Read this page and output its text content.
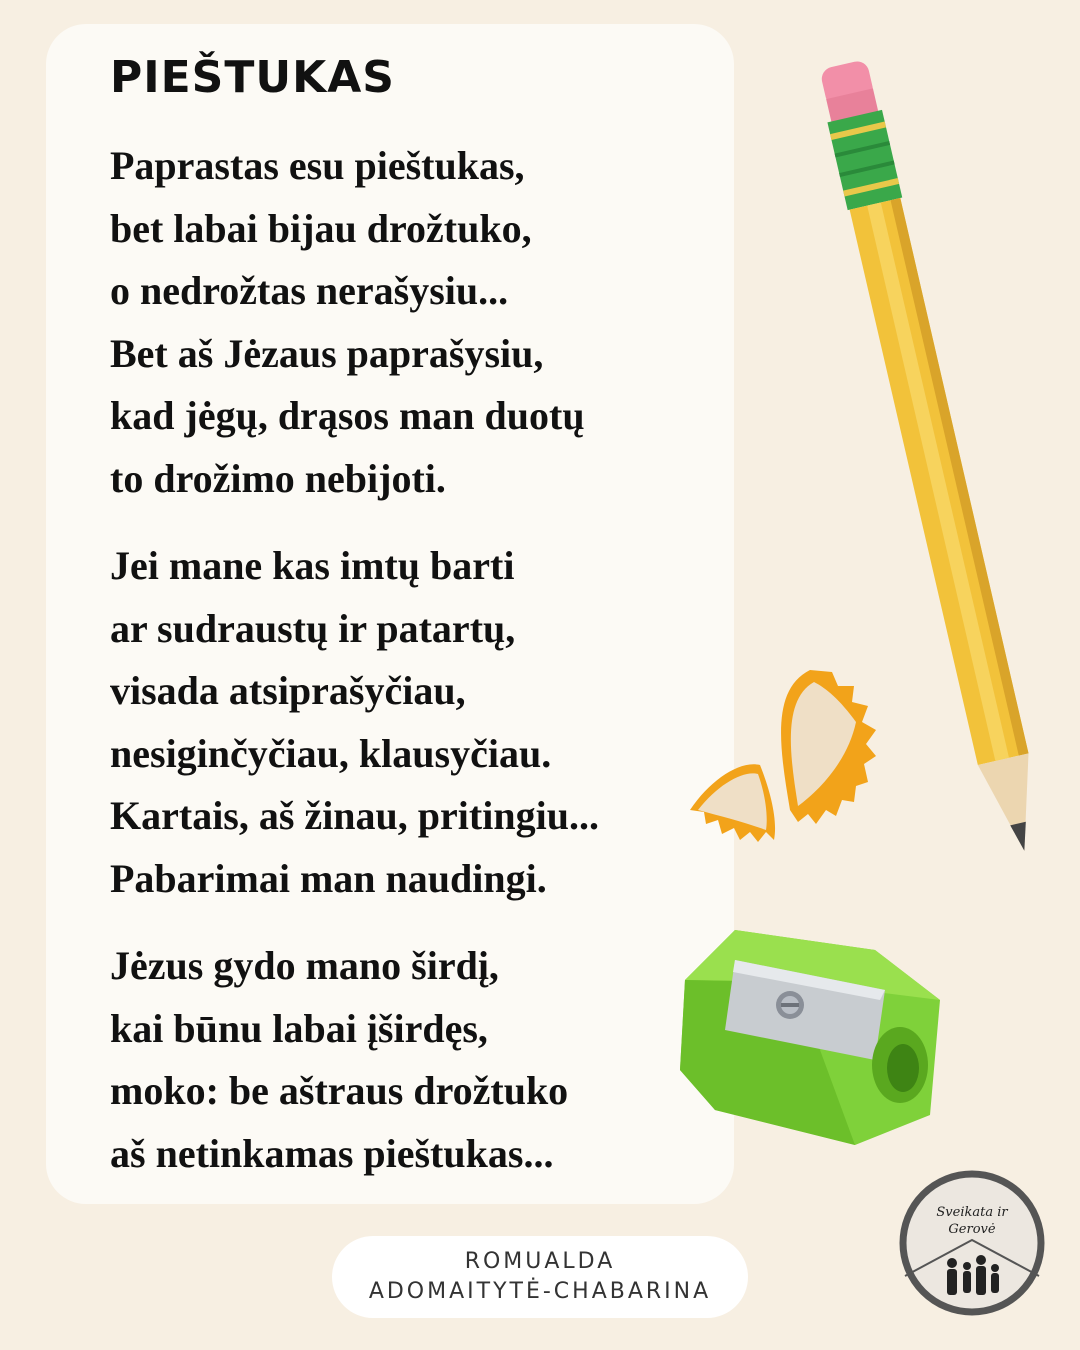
PIEŠTUKAS
Paprastas esu pieštukas,
bet labai bijau drožtuko,
o nedrožtas nerašysiu...
Bet aš Jėzaus paprašysiu,
kad jėgų, drąsos man duotų
to drožimo nebijoti.
Jei mane kas imtų barti
ar sudraustų ir patartų,
visada atsiprašyčiau,
nesiginčyčiau, klausyčiau.
Kartais, aš žinau, pritingiu...
Pabarimai man naudingi.
Jėzus gydo mano širdį,
kai būnu labai įširdęs,
moko: be aštraus drožtuko
aš netinkamas pieštukas...
ROMUALDA
ADOMAITYTĖ-CHABARINA
Sveikata ir
Gerovė
